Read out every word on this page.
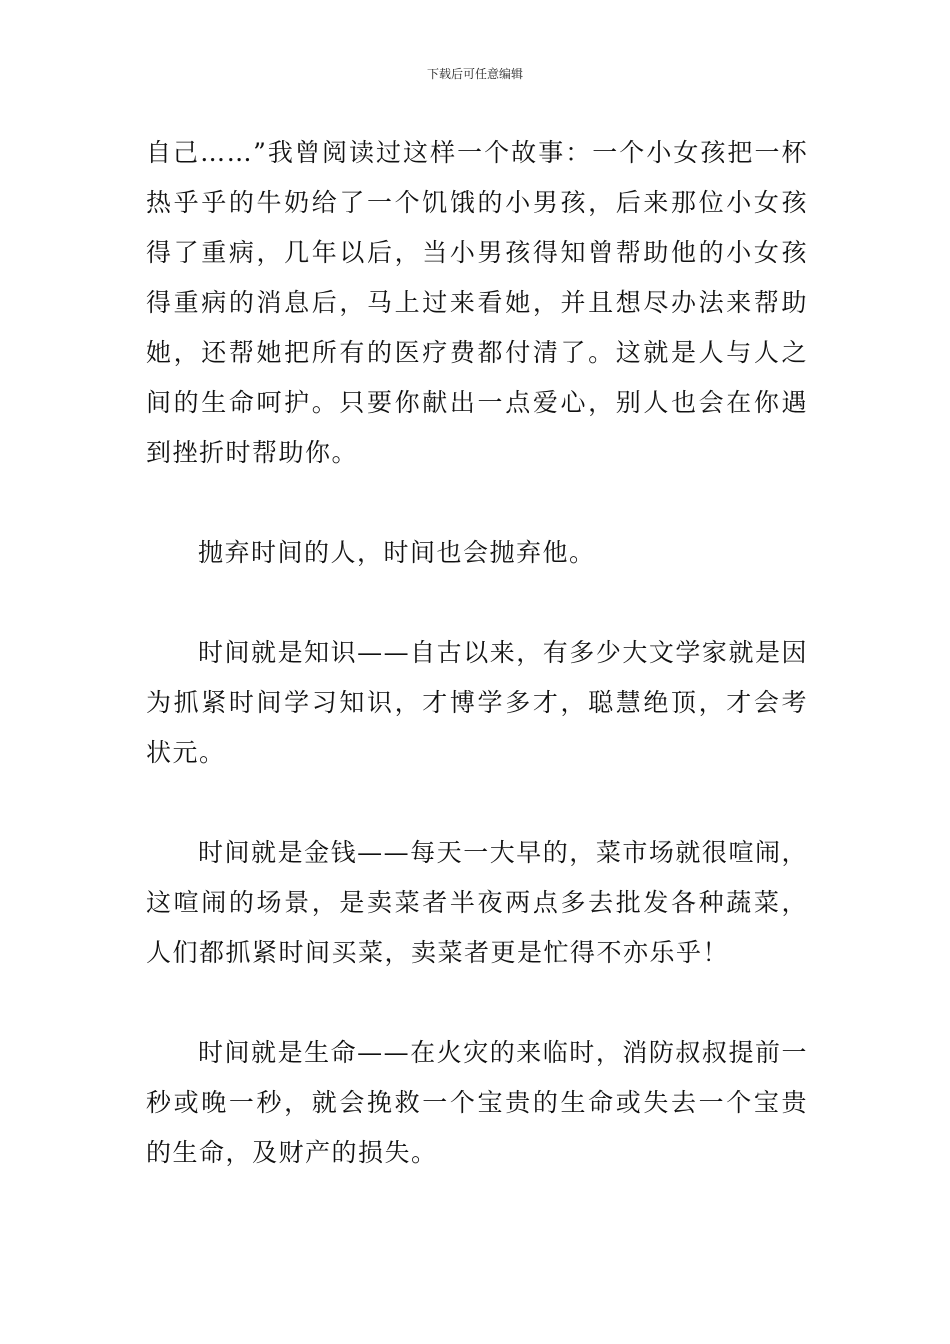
下载后可任意编辑

自己……”我曾阅读过这样一个故事：一个小女孩把一杯热乎乎的牛奶给了一个饥饿的小男孩，后来那位小女孩得了重病，几年以后，当小男孩得知曾帮助他的小女孩得重病的消息后，马上过来看她，并且想尽办法来帮助她，还帮她把所有的医疗费都付清了。这就是人与人之间的生命呵护。只要你献出一点爱心，别人也会在你遇到挫折时帮助你。

抛弃时间的人，时间也会抛弃他。

时间就是知识——自古以来，有多少大文学家就是因为抓紧时间学习知识，才博学多才，聪慧绝顶，才会考状元。

时间就是金钱——每天一大早的，菜市场就很喧闹，这喧闹的场景，是卖菜者半夜两点多去批发各种蔬菜，人们都抓紧时间买菜，卖菜者更是忙得不亦乐乎！

时间就是生命——在火灾的来临时，消防叔叔提前一秒或晚一秒，就会挽救一个宝贵的生命或失去一个宝贵的生命，及财产的损失。
